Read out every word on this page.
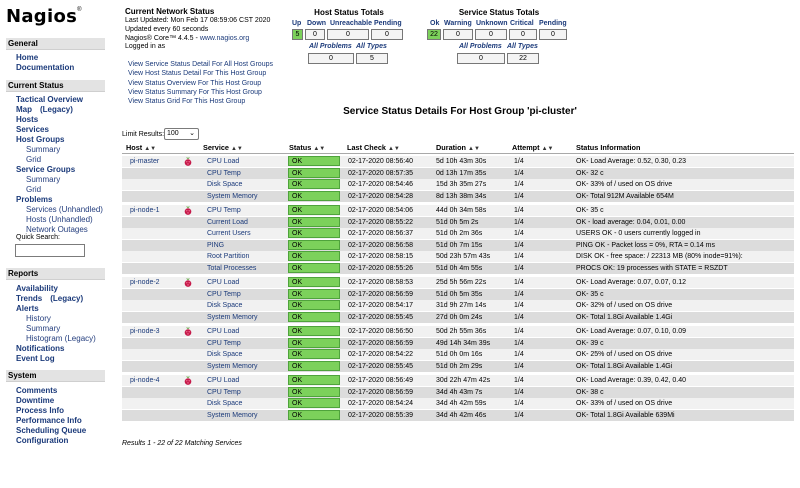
Nagios®
General
Home
Documentation
Current Status
Tactical Overview
Map (Legacy)
Hosts
Services
Host Groups
Summary
Grid
Service Groups
Summary
Grid
Problems
Services (Unhandled)
Hosts (Unhandled)
Network Outages
Quick Search:
Reports
Availability
Trends (Legacy)
Alerts
History
Summary
Histogram (Legacy)
Notifications
Event Log
System
Comments
Downtime
Process Info
Performance Info
Scheduling Queue
Configuration
Current Network Status
Last Updated: Mon Feb 17 08:59:06 CST 2020
Updated every 60 seconds
Nagios® Core™ 4.4.5 - www.nagios.org
Logged in as
View Service Status Detail For All Host Groups
View Host Status Detail For This Host Group
View Status Overview For This Host Group
View Status Summary For This Host Group
View Status Grid For This Host Group
Host Status Totals
Up Down Unreachable Pending
5	0	0	0
All Problems All Types
0	5
Service Status Totals
Ok Warning Unknown Critical Pending
22	0	0	0	0
All Problems All Types
0	22
Service Status Details For Host Group 'pi-cluster'
Limit Results: 100 ⌄
Host ▲▼	Service ▲▼	Status ▲▼	Last Check ▲▼	Duration ▲▼	Attempt ▲▼	Status Information
pi-master	CPU Load	OK	02-17-2020 08:56:40	5d 10h 43m 30s	1/4	OK- Load Average: 0.52, 0.30, 0.23
CPU Temp	OK	02-17-2020 08:57:35	0d 13h 17m 35s	1/4	OK- 32 c
Disk Space	OK	02-17-2020 08:54:46	15d 3h 35m 27s	1/4	OK- 33% of / used on OS drive
System Memory	OK	02-17-2020 08:54:28	8d 13h 38m 34s	1/4	OK- Total 912M Available 654M
pi-node-1	CPU Temp	OK	02-17-2020 08:54:06	44d 0h 34m 58s	1/4	OK- 35 c
Current Load	OK	02-17-2020 08:55:22	51d 0h 5m 2s	1/4	OK - load average: 0.04, 0.01, 0.00
Current Users	OK	02-17-2020 08:56:37	51d 0h 2m 36s	1/4	USERS OK - 0 users currently logged in
PING	OK	02-17-2020 08:56:58	51d 0h 7m 15s	1/4	PING OK - Packet loss = 0%, RTA = 0.14 ms
Root Partition	OK	02-17-2020 08:58:15	50d 23h 57m 43s	1/4	DISK OK - free space: / 22313 MB (80% inode=91%):
Total Processes	OK	02-17-2020 08:55:26	51d 0h 4m 55s	1/4	PROCS OK: 19 processes with STATE = RSZDT
pi-node-2	CPU Load	OK	02-17-2020 08:58:53	25d 5h 56m 22s	1/4	OK- Load Average: 0.07, 0.07, 0.12
CPU Temp	OK	02-17-2020 08:56:59	51d 0h 5m 35s	1/4	OK- 35 c
Disk Space	OK	02-17-2020 08:54:17	31d 9h 27m 14s	1/4	OK- 32% of / used on OS drive
System Memory	OK	02-17-2020 08:55:45	27d 0h 0m 24s	1/4	OK- Total 1.8Gi Available 1.4Gi
pi-node-3	CPU Load	OK	02-17-2020 08:56:50	50d 2h 55m 36s	1/4	OK- Load Average: 0.07, 0.10, 0.09
CPU Temp	OK	02-17-2020 08:56:59	49d 14h 34m 39s	1/4	OK- 39 c
Disk Space	OK	02-17-2020 08:54:22	51d 0h 0m 16s	1/4	OK- 25% of / used on OS drive
System Memory	OK	02-17-2020 08:55:45	51d 0h 2m 29s	1/4	OK- Total 1.8Gi Available 1.4Gi
pi-node-4	CPU Load	OK	02-17-2020 08:56:49	30d 22h 47m 42s	1/4	OK- Load Average: 0.39, 0.42, 0.40
CPU Temp	OK	02-17-2020 08:56:59	34d 4h 43m 7s	1/4	OK- 38 c
Disk Space	OK	02-17-2020 08:54:24	34d 4h 42m 59s	1/4	OK- 33% of / used on OS drive
System Memory	OK	02-17-2020 08:55:39	34d 4h 42m 46s	1/4	OK- Total 1.8Gi Available 639Mi
Results 1 - 22 of 22 Matching Services
